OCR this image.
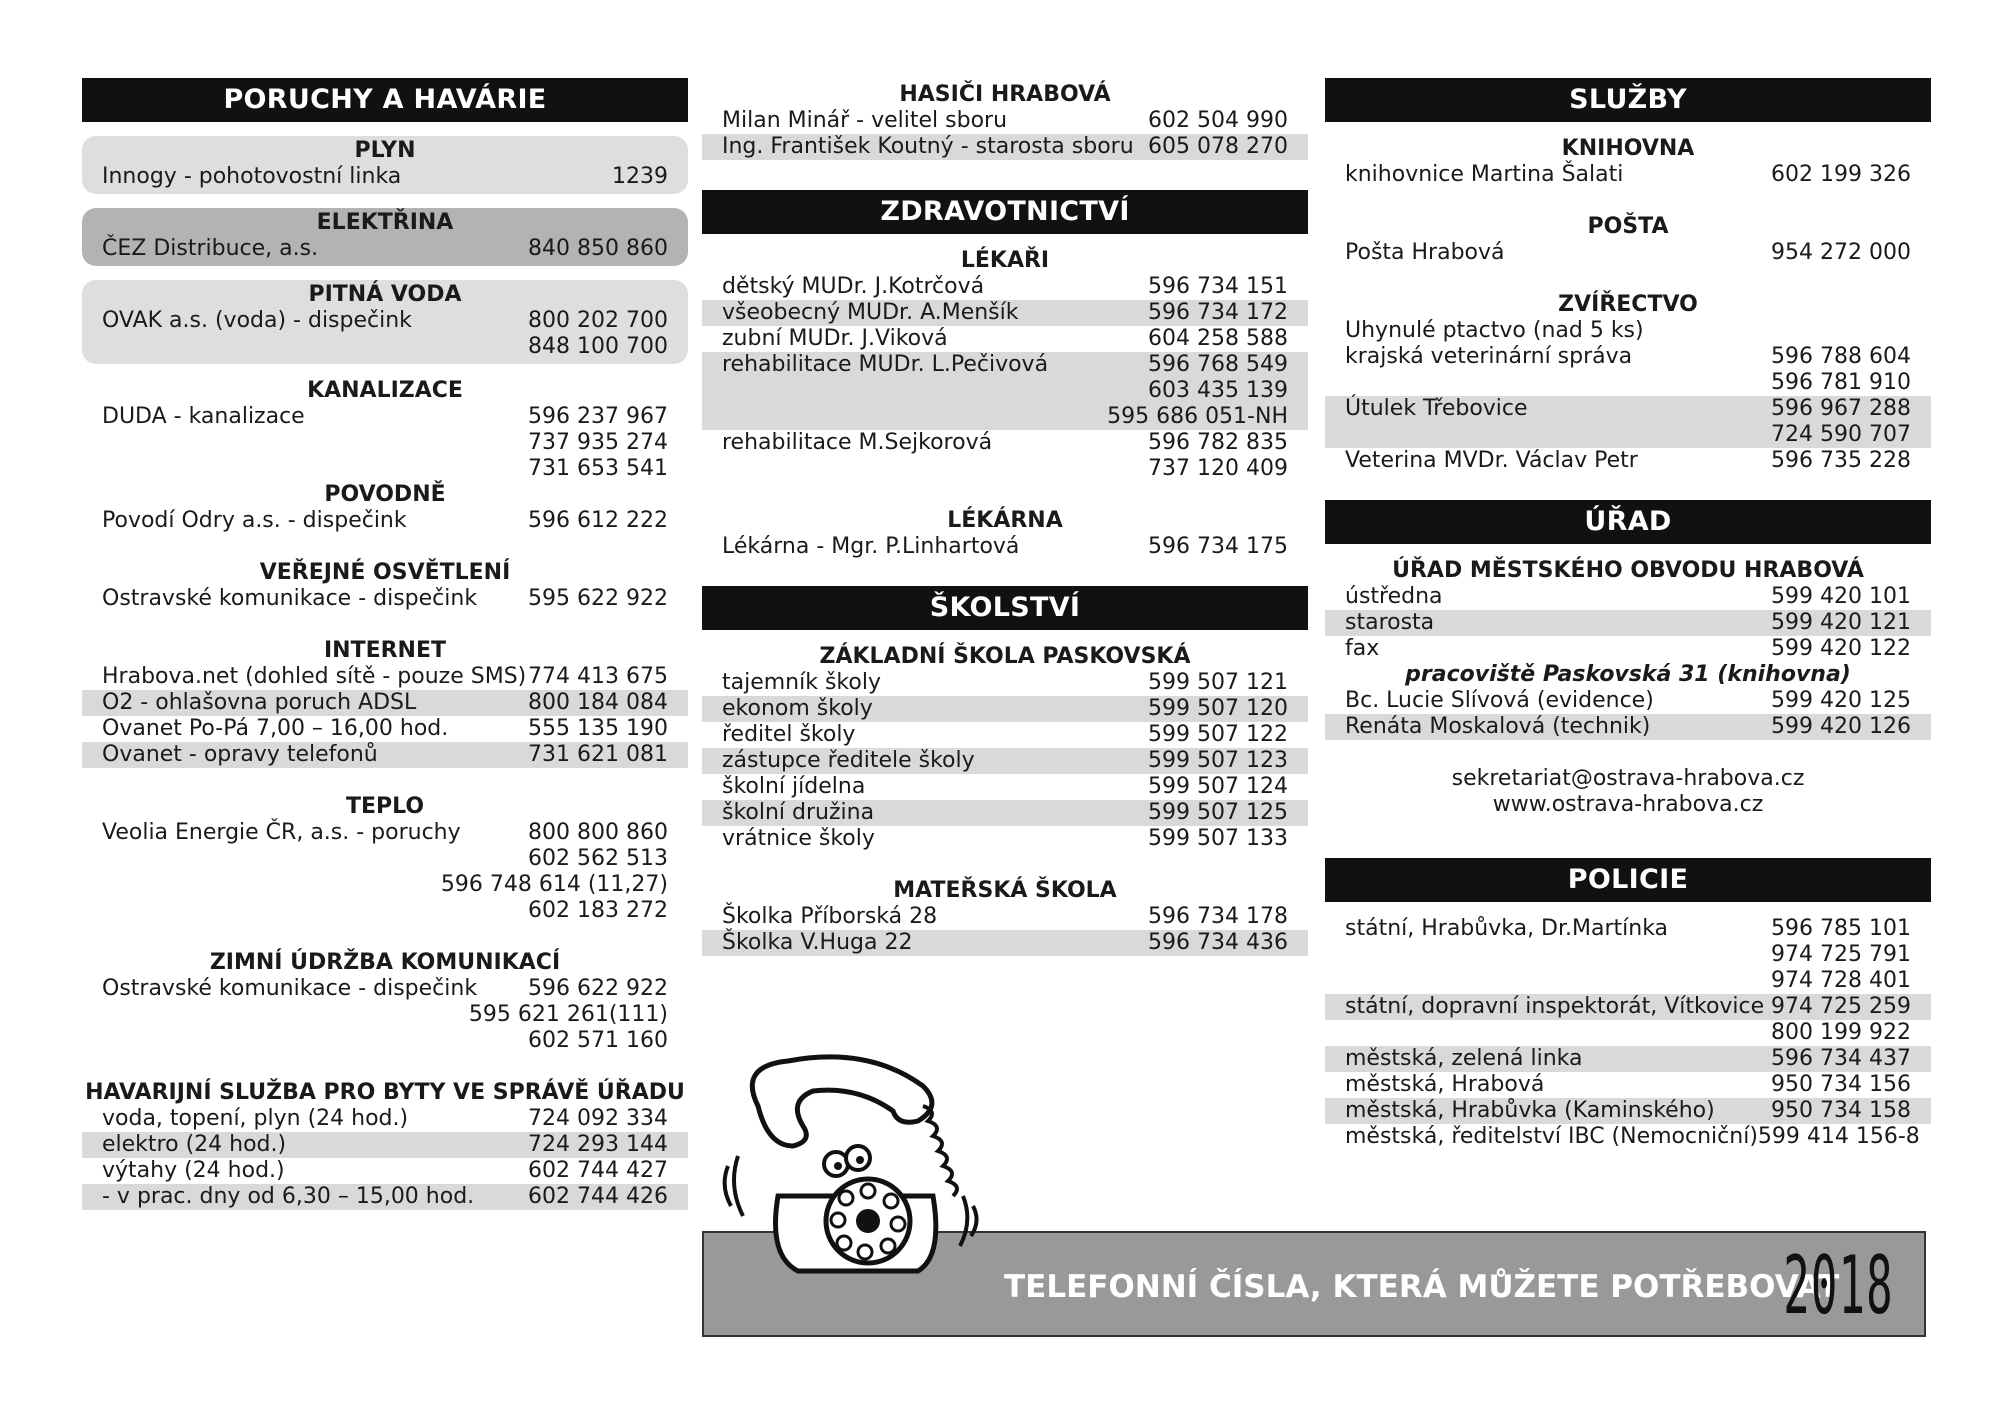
PORUCHY A HAVÁRIE
PLYN
Innogy - pohotovostní linka	1239
ELEKTŘINA
ČEZ Distribuce, a.s.	840 850 860
PITNÁ VODA
OVAK a.s. (voda) - dispečink	800 202 700
848 100 700
KANALIZACE
DUDA - kanalizace	596 237 967
737 935 274
731 653 541
POVODNĚ
Povodí Odry a.s. - dispečink	596 612 222
VEŘEJNÉ OSVĚTLENÍ
Ostravské komunikace - dispečink 595 622 922
INTERNET
Hrabova.net (dohled sítě - pouze SMS) 774 413 675
O2 - ohlašovna poruch ADSL	800 184 084
Ovanet Po-Pá 7,00 – 16,00 hod.	555 135 190
Ovanet - opravy telefonů	731 621 081
TEPLO
Veolia Energie ČR, a.s. - poruchy	800 800 860
602 562 513
596 748 614 (11,27)
602 183 272
ZIMNÍ ÚDRŽBA KOMUNIKACÍ
Ostravské komunikace - dispečink 596 622 922
595 621 261(111)
602 571 160
HAVARIJNÍ SLUŽBA PRO BYTY VE SPRÁVĚ ÚŘADU
voda, topení, plyn (24 hod.)	724 092 334
elektro (24 hod.)	724 293 144
výtahy (24 hod.)	602 744 427
- v prac. dny od 6,30 – 15,00 hod. 602 744 426
HASIČI HRABOVÁ
Milan Minář - velitel sboru	602 504 990
Ing. František Koutný - starosta sboru 605 078 270
ZDRAVOTNICTVÍ
LÉKAŘI
dětský MUDr. J.Kotrčová	596 734 151
všeobecný MUDr. A.Menšík	596 734 172
zubní MUDr. J.Viková	604 258 588
rehabilitace MUDr. L.Pečivová	596 768 549
603 435 139
595 686 051-NH
rehabilitace M.Sejkorová	596 782 835
737 120 409
LÉKÁRNA
Lékárna - Mgr. P.Linhartová	596 734 175
ŠKOLSTVÍ
ZÁKLADNÍ ŠKOLA PASKOVSKÁ
tajemník školy	599 507 121
ekonom školy	599 507 120
ředitel školy	599 507 122
zástupce ředitele školy	599 507 123
školní jídelna	599 507 124
školní družina	599 507 125
vrátnice školy	599 507 133
MATEŘSKÁ ŠKOLA
Školka Příborská 28	596 734 178
Školka V.Huga 22	596 734 436
SLUŽBY
KNIHOVNA
knihovnice Martina Šalati	602 199 326
POŠTA
Pošta Hrabová	954 272 000
ZVÍŘECTVO
Uhynulé ptactvo (nad 5 ks)
krajská veterinární správa	596 788 604
596 781 910
Útulek Třebovice	596 967 288
724 590 707
Veterina MVDr. Václav Petr	596 735 228
ÚŘAD
ÚŘAD MĚSTSKÉHO OBVODU HRABOVÁ
ústředna	599 420 101
starosta	599 420 121
fax	599 420 122
pracoviště Paskovská 31 (knihovna)
Bc. Lucie Slívová (evidence)	599 420 125
Renáta Moskalová (technik)	599 420 126
sekretariat@ostrava-hrabova.cz
www.ostrava-hrabova.cz
POLICIE
státní, Hrabůvka, Dr.Martínka	596 785 101
974 725 791
974 728 401
státní, dopravní inspektorát, Vítkovice 974 725 259
800 199 922
městská, zelená linka	596 734 437
městská, Hrabová	950 734 156
městská, Hrabůvka (Kaminského)	950 734 158
městská, ředitelství IBC (Nemocniční) 599 414 156-8
TELEFONNÍ ČÍSLA, KTERÁ MŮŽETE POTŘEBOVAT
2018
